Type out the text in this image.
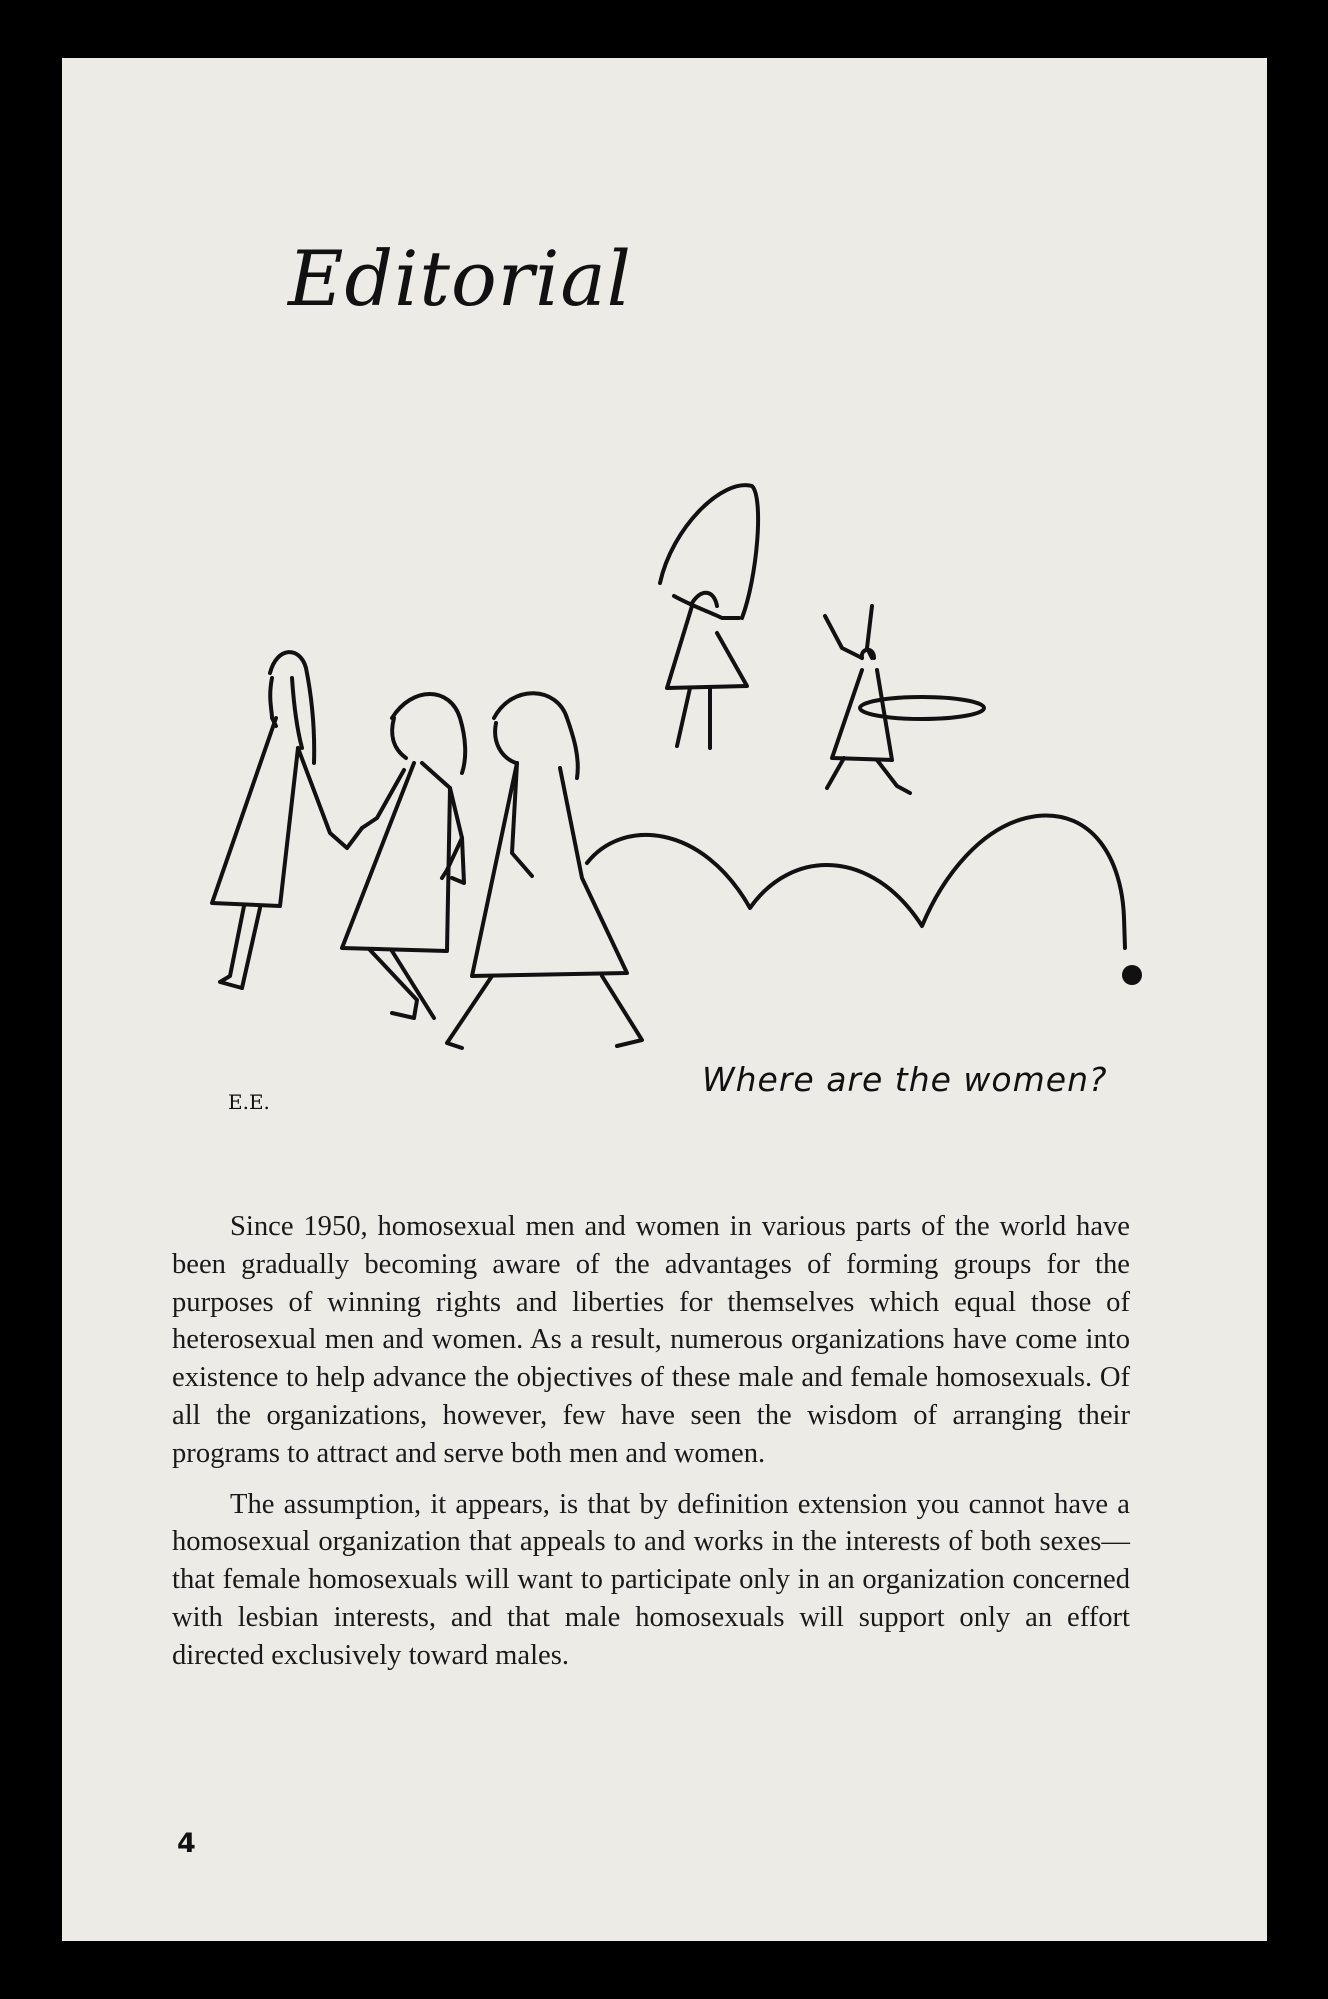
Editorial
E.E.

Where are the women?

Since 1950, homosexual men and women in various parts of the world have been gradually becoming aware of the advantages of forming groups for the purposes of winning rights and liberties for themselves which equal those of heterosexual men and women. As a result, numerous organizations have come into existence to help advance the objectives of these male and female homosexuals. Of all the organizations, however, few have seen the wisdom of arranging their programs to attract and serve both men and women.

The assumption, it appears, is that by definition extension you cannot have a homosexual organization that appeals to and works in the interests of both sexes—that female homosexuals will want to participate only in an organization concerned with lesbian interests, and that male homosexuals will support only an effort directed exclusively toward males.

4
